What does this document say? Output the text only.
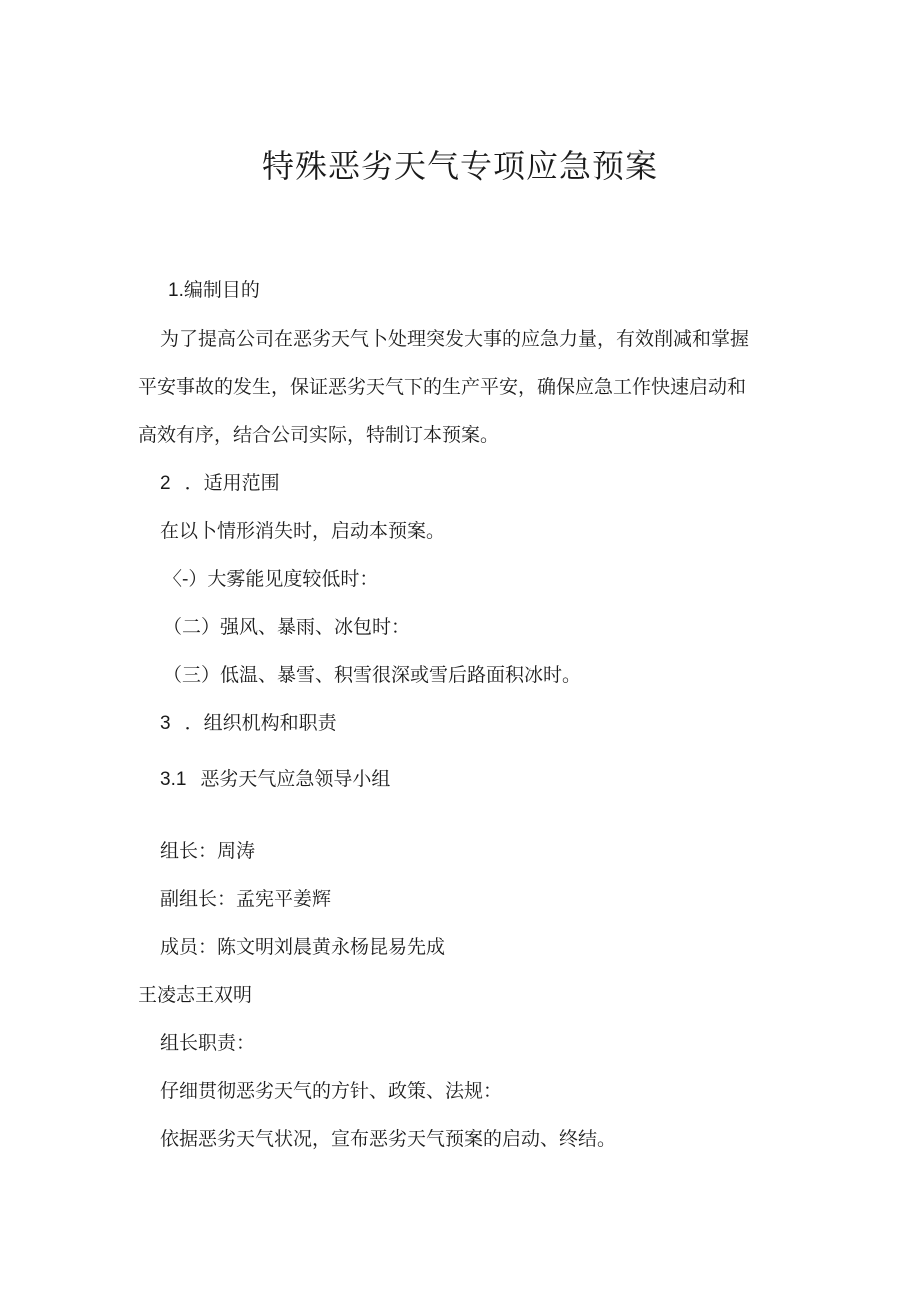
特殊恶劣天气专项应急预案
1.编制目的
为了提高公司在恶劣天气卜处理突发大事的应急力量，有效削减和掌握
平安事故的发生，保证恶劣天气下的生产平安，确保应急工作快速启动和
高效有序，结合公司实际，特制订本预案。
2 ．适用范围
在以卜情形消失时，启动本预案。
〈-）大雾能见度较低时：
（二）强风、暴雨、冰包时：
（三）低温、暴雪、积雪很深或雪后路面积冰时。
3 ．组织机构和职责
3.1 恶劣天气应急领导小组
组长：周涛
副组长：孟宪平姜辉
成员：陈文明刘晨黄永杨昆易先成
王凌志王双明
组长职责：
仔细贯彻恶劣天气的方针、政策、法规：
依据恶劣天气状况，宣布恶劣天气预案的启动、终结。
